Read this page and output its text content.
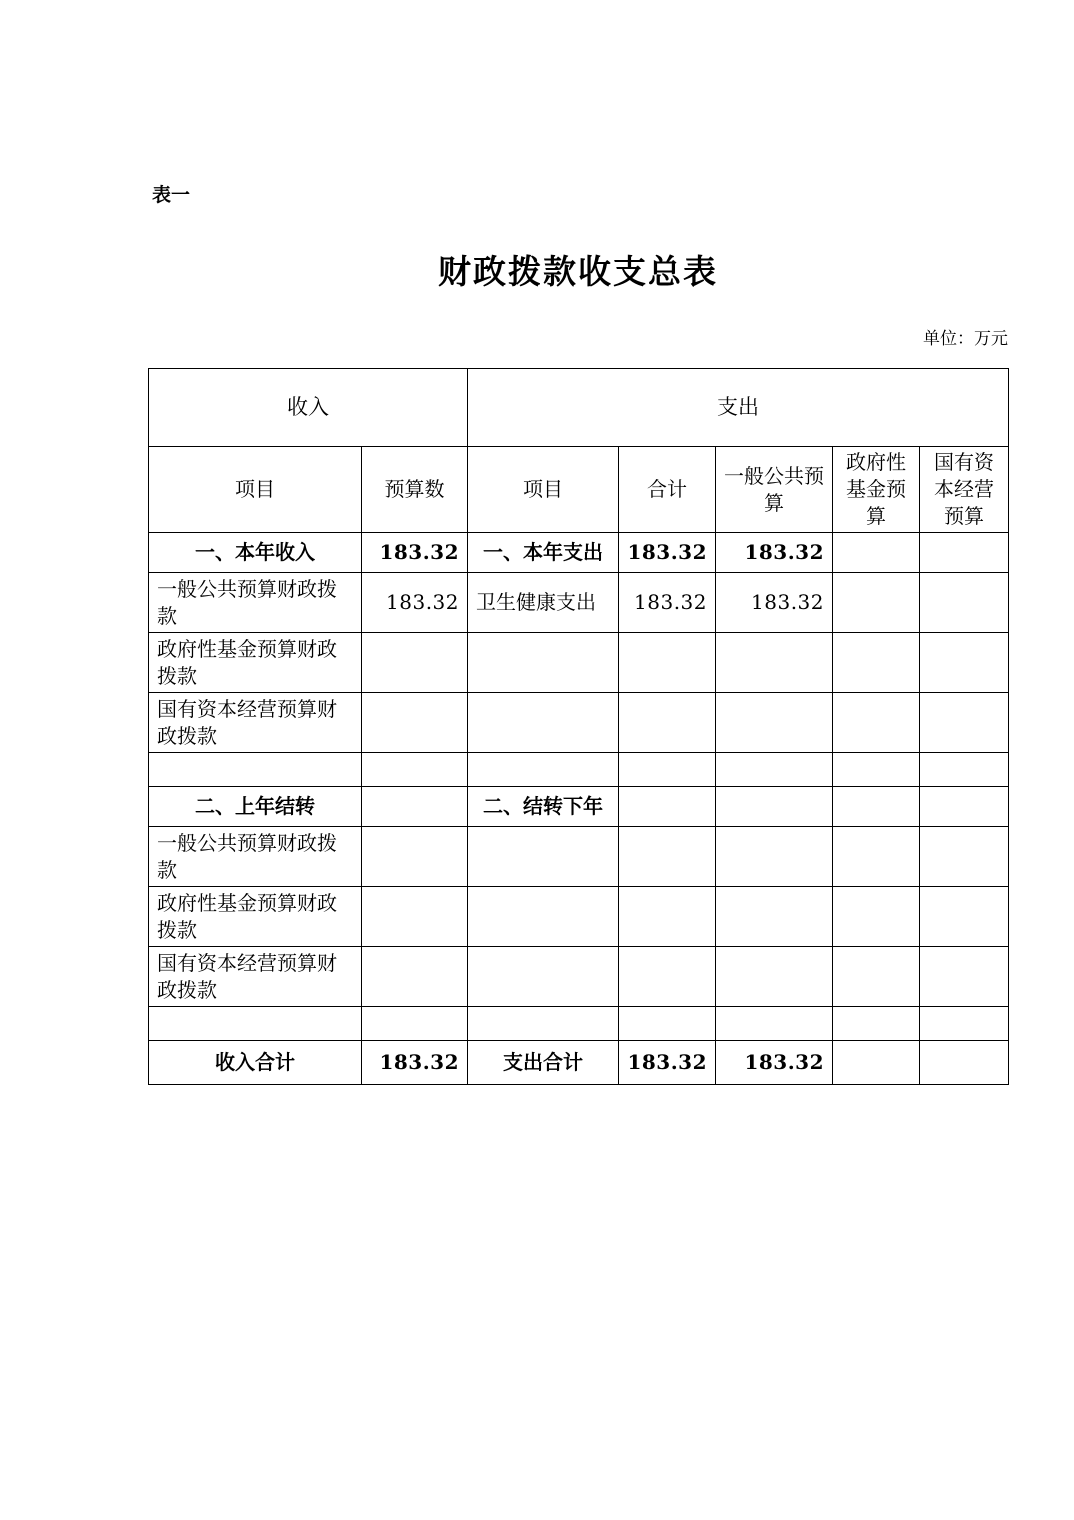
表一
财政拨款收支总表
单位：万元
收入		支出				
项目	预算数	项目	合计	一般公共预算	政府性基金预算	国有资本经营预算
一、本年收入	183.32	一、本年支出	183.32	183.32		
一般公共预算财政拨款	183.32	卫生健康支出	183.32	183.32		
政府性基金预算财政拨款						
国有资本经营预算财政拨款						

二、上年结转		二、结转下年				
一般公共预算财政拨款						
政府性基金预算财政拨款						
国有资本经营预算财政拨款						

收入合计	183.32	支出合计	183.32	183.32		
